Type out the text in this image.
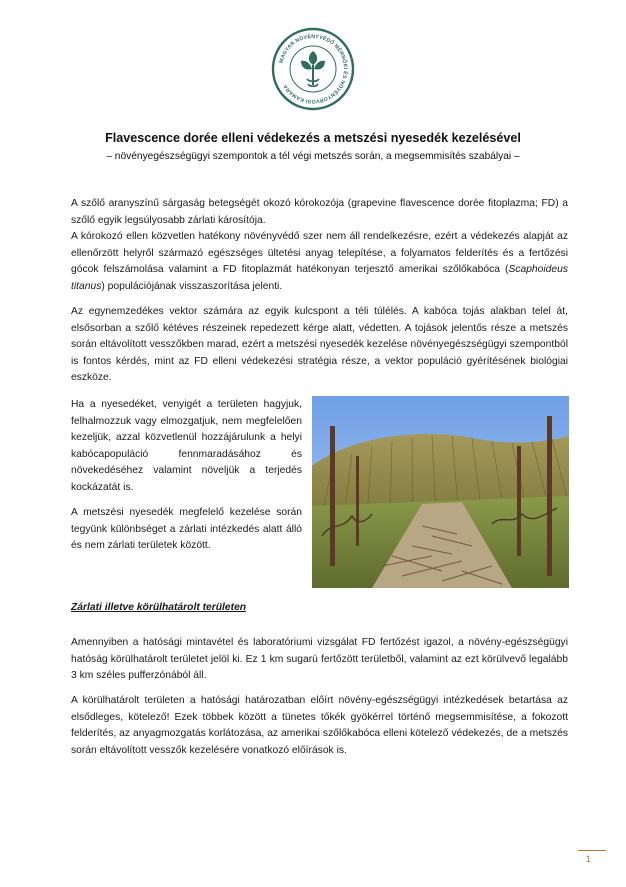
MAGYAR NÖVÉNYVÉDŐ MÉRNÖKI ÉS NÖVÉNYORVOSI KAMARA

Flavescence dorée elleni védekezés a metszési nyesedék kezelésével

– növényegészségügyi szempontok a tél végi metszés során, a megsemmisítés szabályai –

A szőlő aranyszínű sárgaság betegségét okozó kórokozója (grapevine flavescence dorée fitoplazma; FD) a szőlő egyik legsúlyosabb zárlati károsítója.

A kórokozó ellen közvetlen hatékony növényvédő szer nem áll rendelkezésre, ezért a védekezés alapját az ellenőrzött helyről származó egészséges ültetési anyag telepítése, a folyamatos felderítés és a fertőzési gócok felszámolása valamint a FD fitoplazmát hatékonyan terjesztő amerikai szőlőkabóca (Scaphoideus titanus) populációjának visszaszorítása jelenti.

Az egynemzedékes vektor számára az egyik kulcspont a téli túlélés. A kabóca tojás alakban telel át, elsősorban a szőlő kétéves részeinek repedezett kérge alatt, védetten. A tojások jelentős része a metszés során eltávolított vesszőkben marad, ezért a metszési nyesedék kezelése növényegészségügyi szempontból is fontos kérdés, mint az FD elleni védekezési stratégia része, a vektor populáció gyérítésének biológiai eszköze.

Ha a nyesedéket, venyigét a területen hagyjuk, felhalmozzuk vagy elmozgatjuk, nem megfelelően kezeljük, azzal közvetlenül hozzájárulunk a helyi kabócapopuláció fennmaradásához és növekedéséhez valamint növeljük a terjedés kockázatát is.

A metszési nyesedék megfelelő kezelése során tegyünk különbséget a zárlati intézkedés alatt álló és nem zárlati területek között.

Zárlati illetve körülhatárolt területen

Amennyiben a hatósági mintavétel és laboratóriumi vizsgálat FD fertőzést igazol, a növény-egészségügyi hatóság körülhatárolt területet jelöl ki. Ez 1 km sugarú fertőzött területből, valamint az ezt körülvevő legalább 3 km széles pufferzónából áll.

A körülhatárolt területen a hatósági határozatban előírt növény-egészségügyi intézkedések betartása az elsődleges, kötelező! Ezek többek között a tünetes tőkék gyökérrel történő megsemmisítése, a fokozott felderítés, az anyagmozgatás korlátozása, az amerikai szőlőkabóca elleni kötelező védekezés, de a metszés során eltávolított vesszők kezelésére vonatkozó előírások is.

1
